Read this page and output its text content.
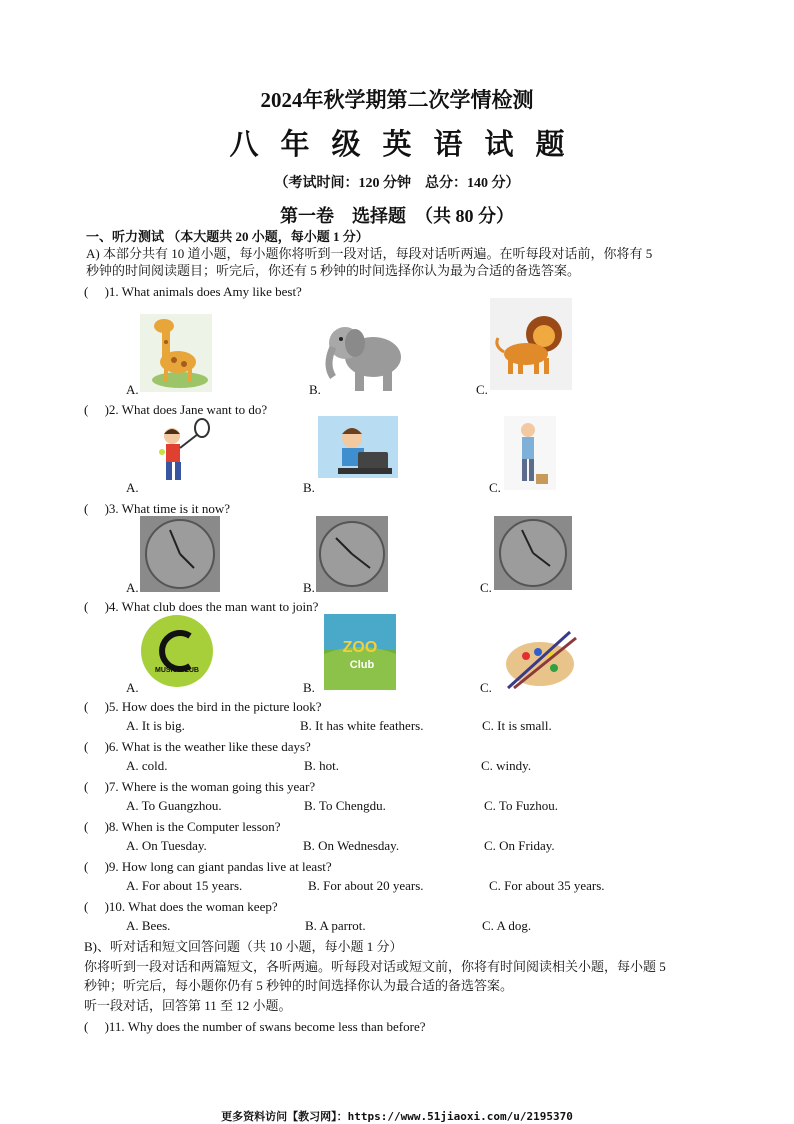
2024年秋学期第二次学情检测
八年级英语试题
（考试时间：120 分钟　总分：140 分）
第一卷　选择题　（共 80 分）
一、听力测试 （本大题共 20 小题，每小题 1 分）
A) 本部分共有 10 道小题，每小题你将听到一段对话，每段对话听两遍。在听每段对话前，你将有 5
秒钟的时间阅读题目；听完后，你还有 5 秒钟的时间选择你认为最为合适的备选答案。
(　 )1. What animals does Amy like best?
A.	B.	C.
(　 )2. What does Jane want to do?
A.	B.	C.
(　 )3. What time is it now?
A.	B.	C.
(　 )4. What club does the man want to join?
MUSIC CLUB
A.
ZOO
Club
B.	C.
(　 )5. How does the bird in the picture look?
A. It is big.	B. It has white feathers.	C. It is small.
(　 )6. What is the weather like these days?
A. cold.	B. hot.	C. windy.
(　 )7. Where is the woman going this year?
A. To Guangzhou.	B. To Chengdu.	C. To Fuzhou.
(　 )8. When is the Computer lesson?
A. On Tuesday.	B. On Wednesday.	C. On Friday.
(　 )9. How long can giant pandas live at least?
A. For about 15 years.	B. For about 20 years.	C. For about 35 years.
(　 )10. What does the woman keep?
A. Bees.	B. A parrot.	C. A dog.
B)、听对话和短文回答问题（共 10 小题，每小题 1 分）
你将听到一段对话和两篇短文，各听两遍。听每段对话或短文前，你将有时间阅读相关小题，每小题 5
秒钟；听完后，每小题你仍有 5 秒钟的时间选择你认为最合适的备选答案。
听一段对话，回答第 11 至 12 小题。
(　 )11. Why does the number of swans become less than before?
更多资料访问【教习网】：https://www.51jiaoxi.com/u/2195370
